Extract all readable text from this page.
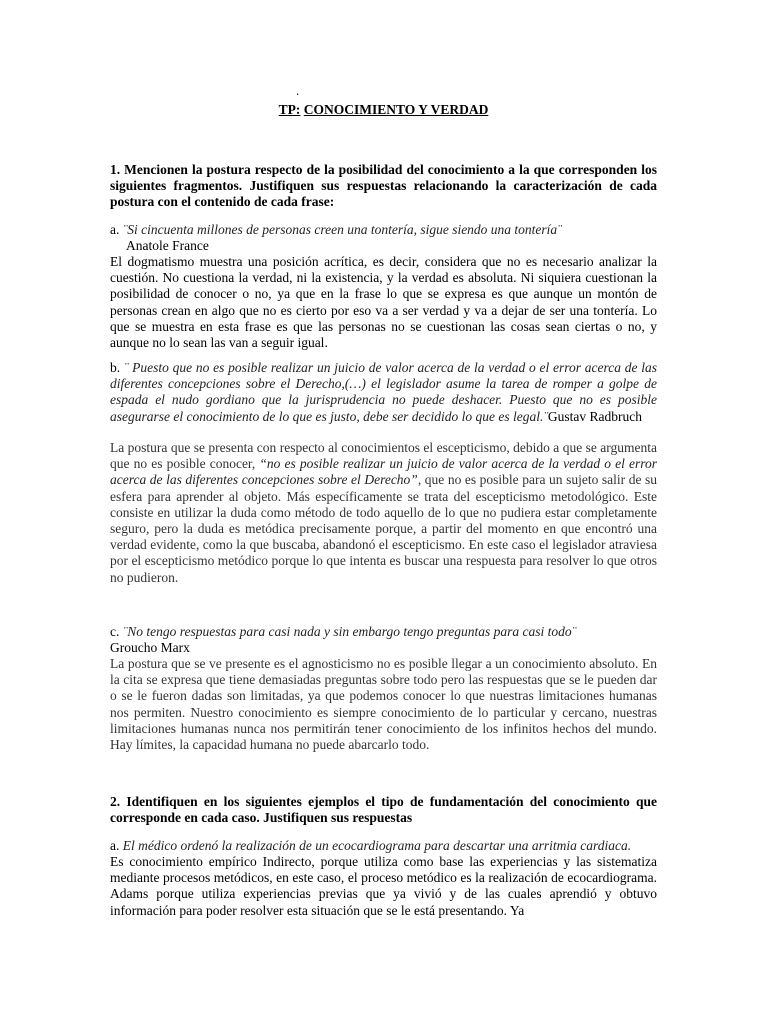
.
TP: CONOCIMIENTO Y VERDAD
1. Mencionen la postura respecto de la posibilidad del conocimiento a la que corresponden los siguientes fragmentos. Justifiquen sus respuestas relacionando la caracterización de cada postura con el contenido de cada frase:
a. ¨Si cincuenta millones de personas creen una tontería, sigue siendo una tontería¨
Anatole France
El dogmatismo muestra una posición acrítica, es decir, considera que no es necesario analizar la cuestión. No cuestiona la verdad, ni la existencia, y la verdad es absoluta. Ni siquiera cuestionan la posibilidad de conocer o no, ya que en la frase lo que se expresa es que aunque un montón de personas crean en algo que no es cierto por eso va a ser verdad y va a dejar de ser una tontería. Lo que se muestra en esta frase es que las personas no se cuestionan las cosas sean ciertas o no, y aunque no lo sean las van a seguir igual.
b. ¨ Puesto que no es posible realizar un juicio de valor acerca de la verdad o el error acerca de las diferentes concepciones sobre el Derecho,(…) el legislador asume la tarea de romper a golpe de espada el nudo gordiano que la jurisprudencia no puede deshacer. Puesto que no es posible asegurarse el conocimiento de lo que es justo, debe ser decidido lo que es legal.¨Gustav Radbruch
La postura que se presenta con respecto al conocimientos el escepticismo, debido a que se argumenta que no es posible conocer, “no es posible realizar un juicio de valor acerca de la verdad o el error acerca de las diferentes concepciones sobre el Derecho”, que no es posible para un sujeto salir de su esfera para aprender al objeto. Más específicamente se trata del escepticismo metodológico. Este consiste en utilizar la duda como método de todo aquello de lo que no pudiera estar completamente seguro, pero la duda es metódica precisamente porque, a partir del momento en que encontró una verdad evidente, como la que buscaba, abandonó el escepticismo. En este caso el legislador atraviesa por el escepticismo metódico porque lo que intenta es buscar una respuesta para resolver lo que otros no pudieron.
c. ¨No tengo respuestas para casi nada y sin embargo tengo preguntas para casi todo¨
Groucho Marx
La postura que se ve presente es el agnosticismo no es posible llegar a un conocimiento absoluto. En la cita se expresa que tiene demasiadas preguntas sobre todo pero las respuestas que se le pueden dar o se le fueron dadas son limitadas, ya que podemos conocer lo que nuestras limitaciones humanas nos permiten. Nuestro conocimiento es siempre conocimiento de lo particular y cercano, nuestras limitaciones humanas nunca nos permitirán tener conocimiento de los infinitos hechos del mundo. Hay límites, la capacidad humana no puede abarcarlo todo.
2. Identifiquen en los siguientes ejemplos el tipo de fundamentación del conocimiento que corresponde en cada caso. Justifiquen sus respuestas
a. El médico ordenó la realización de un ecocardiograma para descartar una arritmia cardiaca.
Es conocimiento empírico Indirecto, porque utiliza como base las experiencias y las sistematiza mediante procesos metódicos, en este caso, el proceso metódico es la realización de ecocardiograma. Adams porque utiliza experiencias previas que ya vivió y de las cuales aprendió y obtuvo información para poder resolver esta situación que se le está presentando. Ya
